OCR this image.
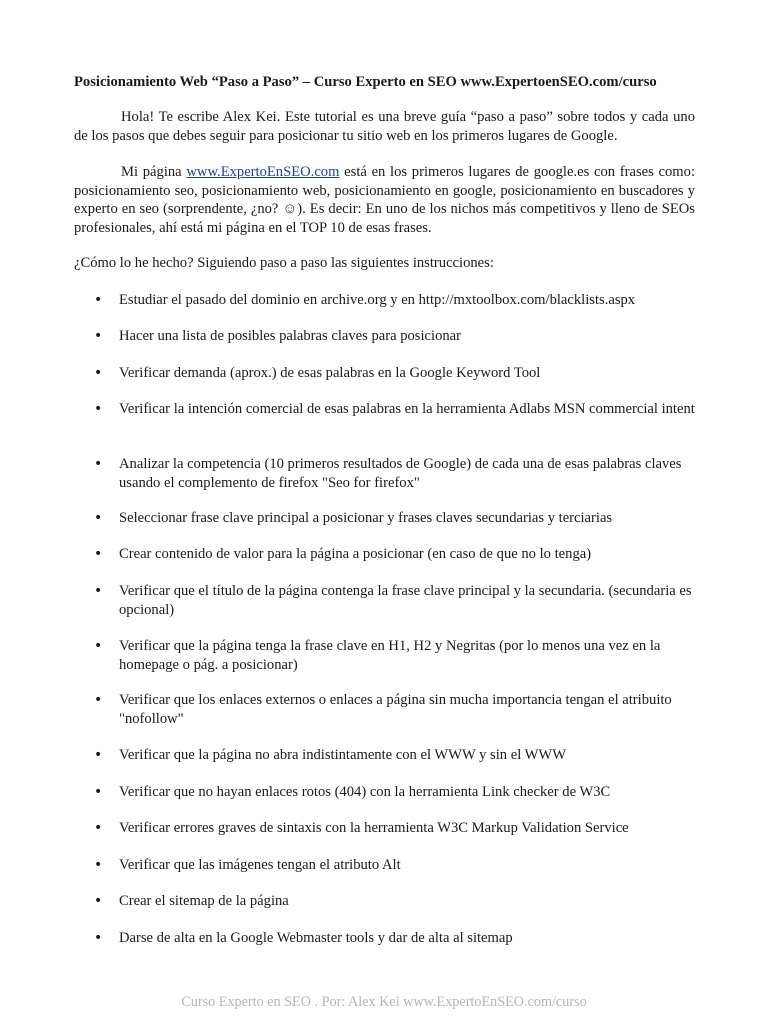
Posicionamiento Web “Paso a Paso” – Curso Experto en SEO www.ExpertoenSEO.com/curso

Hola! Te escribe Alex Kei. Este tutorial es una breve guía “paso a paso” sobre todos y cada uno de los pasos que debes seguir para posicionar tu sitio web en los primeros lugares de Google.

Mi página www.ExpertoEnSEO.com está en los primeros lugares de google.es con frases como: posicionamiento seo, posicionamiento web, posicionamiento en google, posicionamiento en buscadores y experto en seo (sorprendente, ¿no? ☺). Es decir: En uno de los nichos más competitivos y lleno de SEOs profesionales, ahí está mi página en el TOP 10 de esas frases.

¿Cómo lo he hecho? Siguiendo paso a paso las siguientes instrucciones:

• Estudiar el pasado del dominio en archive.org y en http://mxtoolbox.com/blacklists.aspx
• Hacer una lista de posibles palabras claves para posicionar
• Verificar demanda (aprox.) de esas palabras en la Google Keyword Tool
• Verificar la intención comercial de esas palabras en la herramienta Adlabs MSN commercial intent
• Analizar la competencia (10 primeros resultados de Google) de cada una de esas palabras claves usando el complemento de firefox "Seo for firefox"
• Seleccionar frase clave principal a posicionar y frases claves secundarias y terciarias
• Crear contenido de valor para la página a posicionar (en caso de que no lo tenga)
• Verificar que el título de la página contenga la frase clave principal y la secundaria. (secundaria es opcional)
• Verificar que la página tenga la frase clave en H1, H2 y Negritas (por lo menos una vez en la homepage o pág. a posicionar)
• Verificar que los enlaces externos o enlaces a página sin mucha importancia tengan el atribuito "nofollow"
• Verificar que la página no abra indistintamente con el WWW y sin el WWW
• Verificar que no hayan enlaces rotos (404) con la herramienta Link checker de W3C
• Verificar errores graves de sintaxis con la herramienta W3C Markup Validation Service
• Verificar que las imágenes tengan el atributo Alt
• Crear el sitemap de la página
• Darse de alta en la Google Webmaster tools y dar de alta al sitemap
Curso Experto en SEO . Por: Alex Kei www.ExpertoEnSEO.com/curso
